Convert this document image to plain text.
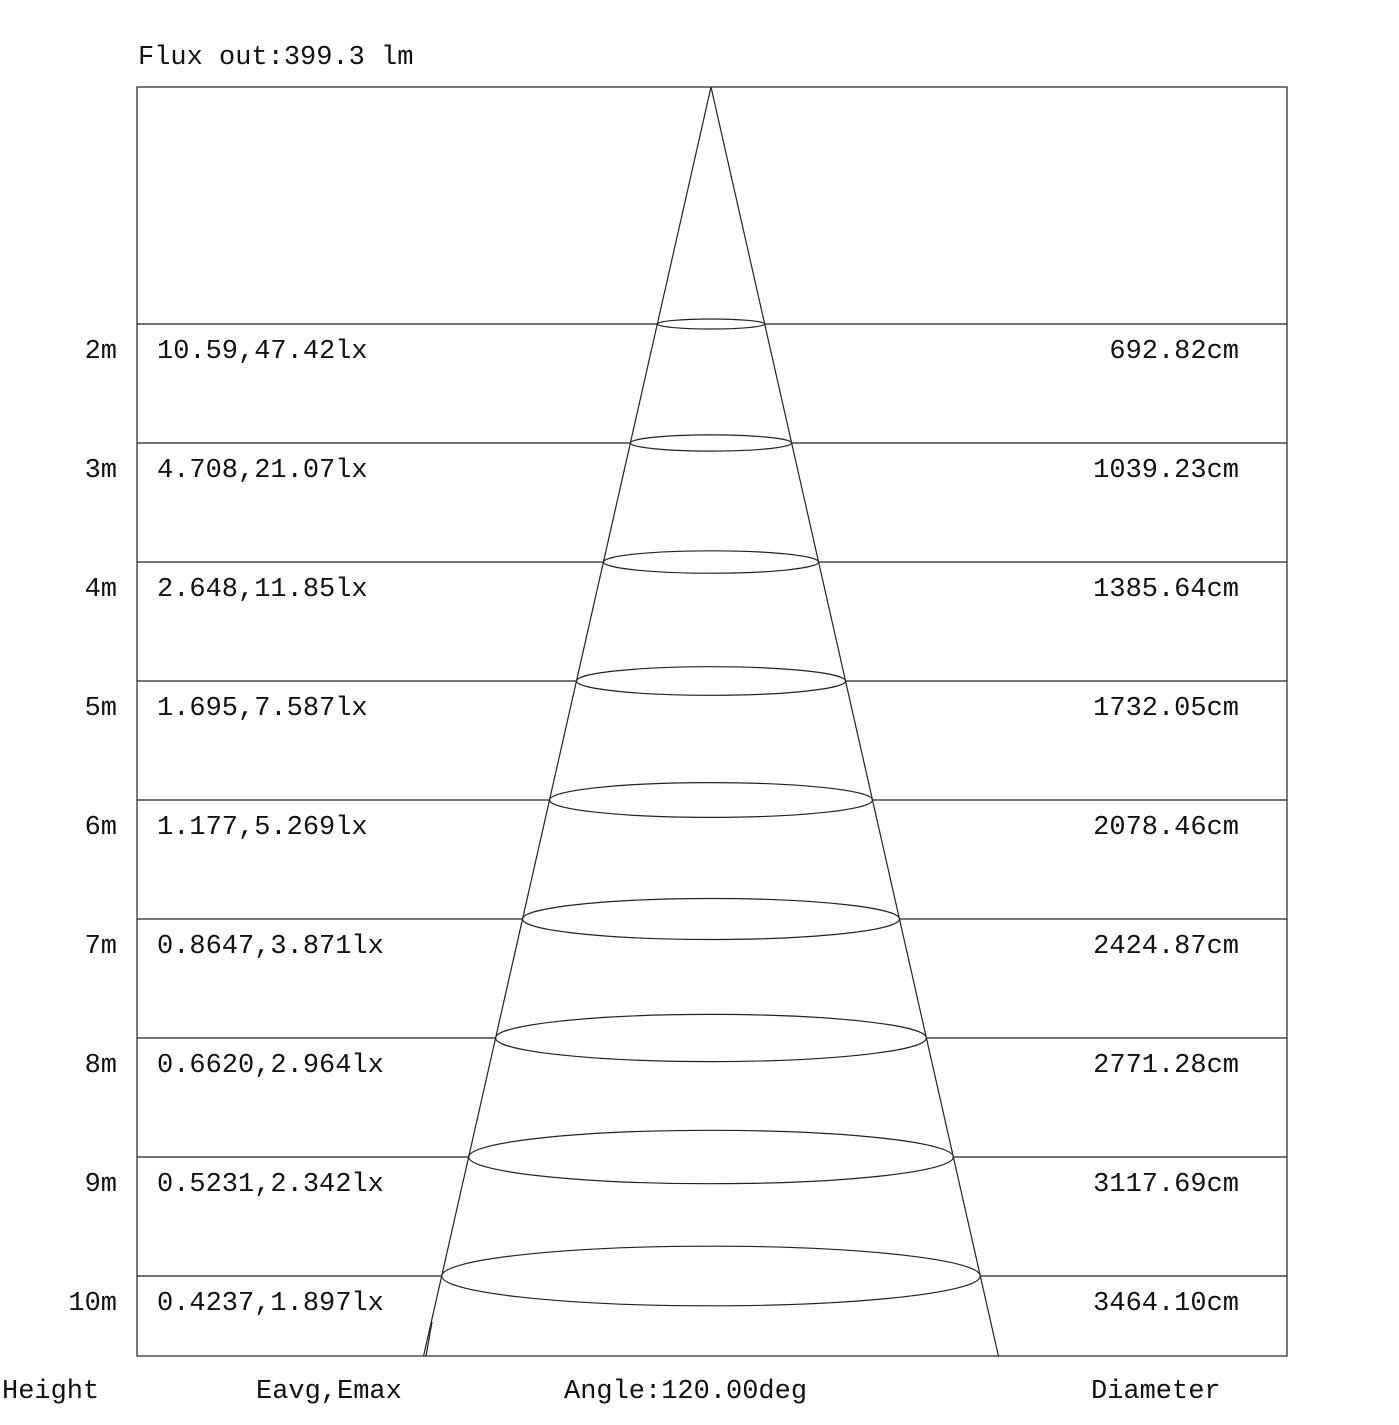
Flux out:399.3 lm
2m 10.59,47.42lx	692.82cm
3m 4.708,21.07lx	1039.23cm
4m 2.648,11.85lx	1385.64cm
5m 1.695,7.587lx	1732.05cm
6m 1.177,5.269lx	2078.46cm
7m 0.8647,3.871lx	2424.87cm
8m 0.6620,2.964lx	2771.28cm
9m 0.5231,2.342lx	3117.69cm
10m 0.4237,1.897lx	3464.10cm
Height	Eavg,Emax	Angle:120.00deg	Diameter
